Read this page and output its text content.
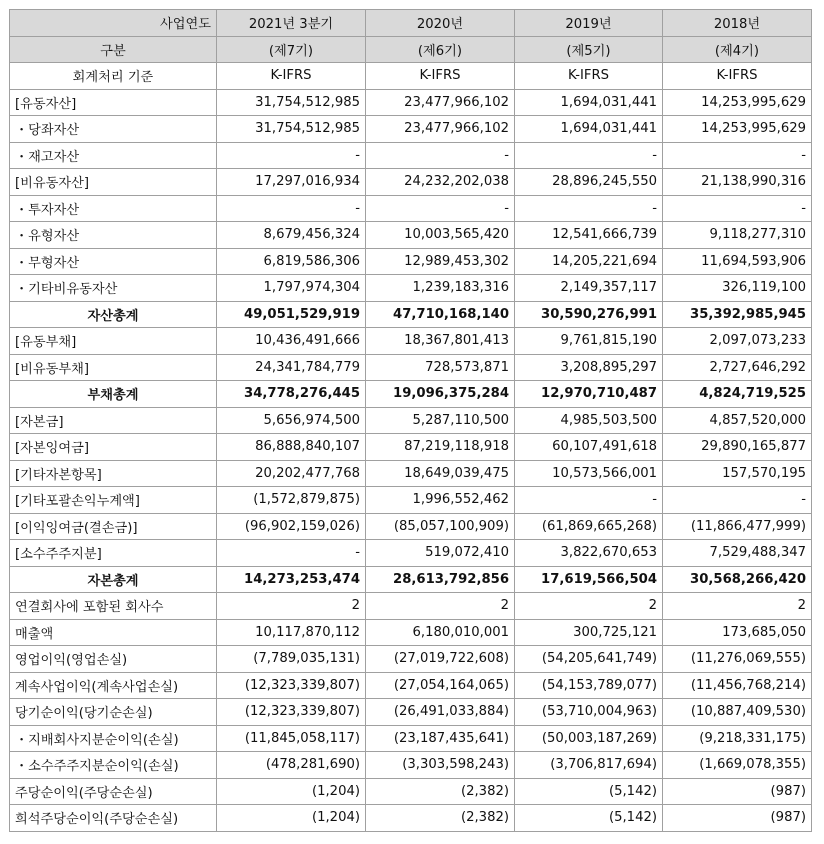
사업연도	2021년 3분기	2020년	2019년	2018년
구분	(제7기)	(제6기)	(제5기)	(제4기)
회계처리 기준	K-IFRS	K-IFRS	K-IFRS	K-IFRS
[유동자산]	31,754,512,985	23,477,966,102	1,694,031,441	14,253,995,629
・당좌자산	31,754,512,985	23,477,966,102	1,694,031,441	14,253,995,629
・재고자산	-	-	-	-
[비유동자산]	17,297,016,934	24,232,202,038	28,896,245,550	21,138,990,316
・투자자산	-	-	-	-
・유형자산	8,679,456,324	10,003,565,420	12,541,666,739	9,118,277,310
・무형자산	6,819,586,306	12,989,453,302	14,205,221,694	11,694,593,906
・기타비유동자산	1,797,974,304	1,239,183,316	2,149,357,117	326,119,100
자산총계	49,051,529,919	47,710,168,140	30,590,276,991	35,392,985,945
[유동부채]	10,436,491,666	18,367,801,413	9,761,815,190	2,097,073,233
[비유동부채]	24,341,784,779	728,573,871	3,208,895,297	2,727,646,292
부채총계	34,778,276,445	19,096,375,284	12,970,710,487	4,824,719,525
[자본금]	5,656,974,500	5,287,110,500	4,985,503,500	4,857,520,000
[자본잉여금]	86,888,840,107	87,219,118,918	60,107,491,618	29,890,165,877
[기타자본항목]	20,202,477,768	18,649,039,475	10,573,566,001	157,570,195
[기타포괄손익누계액]	(1,572,879,875)	1,996,552,462	-	-
[이익잉여금(결손금)]	(96,902,159,026)	(85,057,100,909)	(61,869,665,268)	(11,866,477,999)
[소수주주지분]	-	519,072,410	3,822,670,653	7,529,488,347
자본총계	14,273,253,474	28,613,792,856	17,619,566,504	30,568,266,420
연결회사에 포함된 회사수	2	2	2	2
매출액	10,117,870,112	6,180,010,001	300,725,121	173,685,050
영업이익(영업손실)	(7,789,035,131)	(27,019,722,608)	(54,205,641,749)	(11,276,069,555)
계속사업이익(계속사업손실)	(12,323,339,807)	(27,054,164,065)	(54,153,789,077)	(11,456,768,214)
당기순이익(당기순손실)	(12,323,339,807)	(26,491,033,884)	(53,710,004,963)	(10,887,409,530)
・지배회사지분순이익(손실)	(11,845,058,117)	(23,187,435,641)	(50,003,187,269)	(9,218,331,175)
・소수주주지분순이익(손실)	(478,281,690)	(3,303,598,243)	(3,706,817,694)	(1,669,078,355)
주당순이익(주당순손실)	(1,204)	(2,382)	(5,142)	(987)
희석주당순이익(주당순손실)	(1,204)	(2,382)	(5,142)	(987)
